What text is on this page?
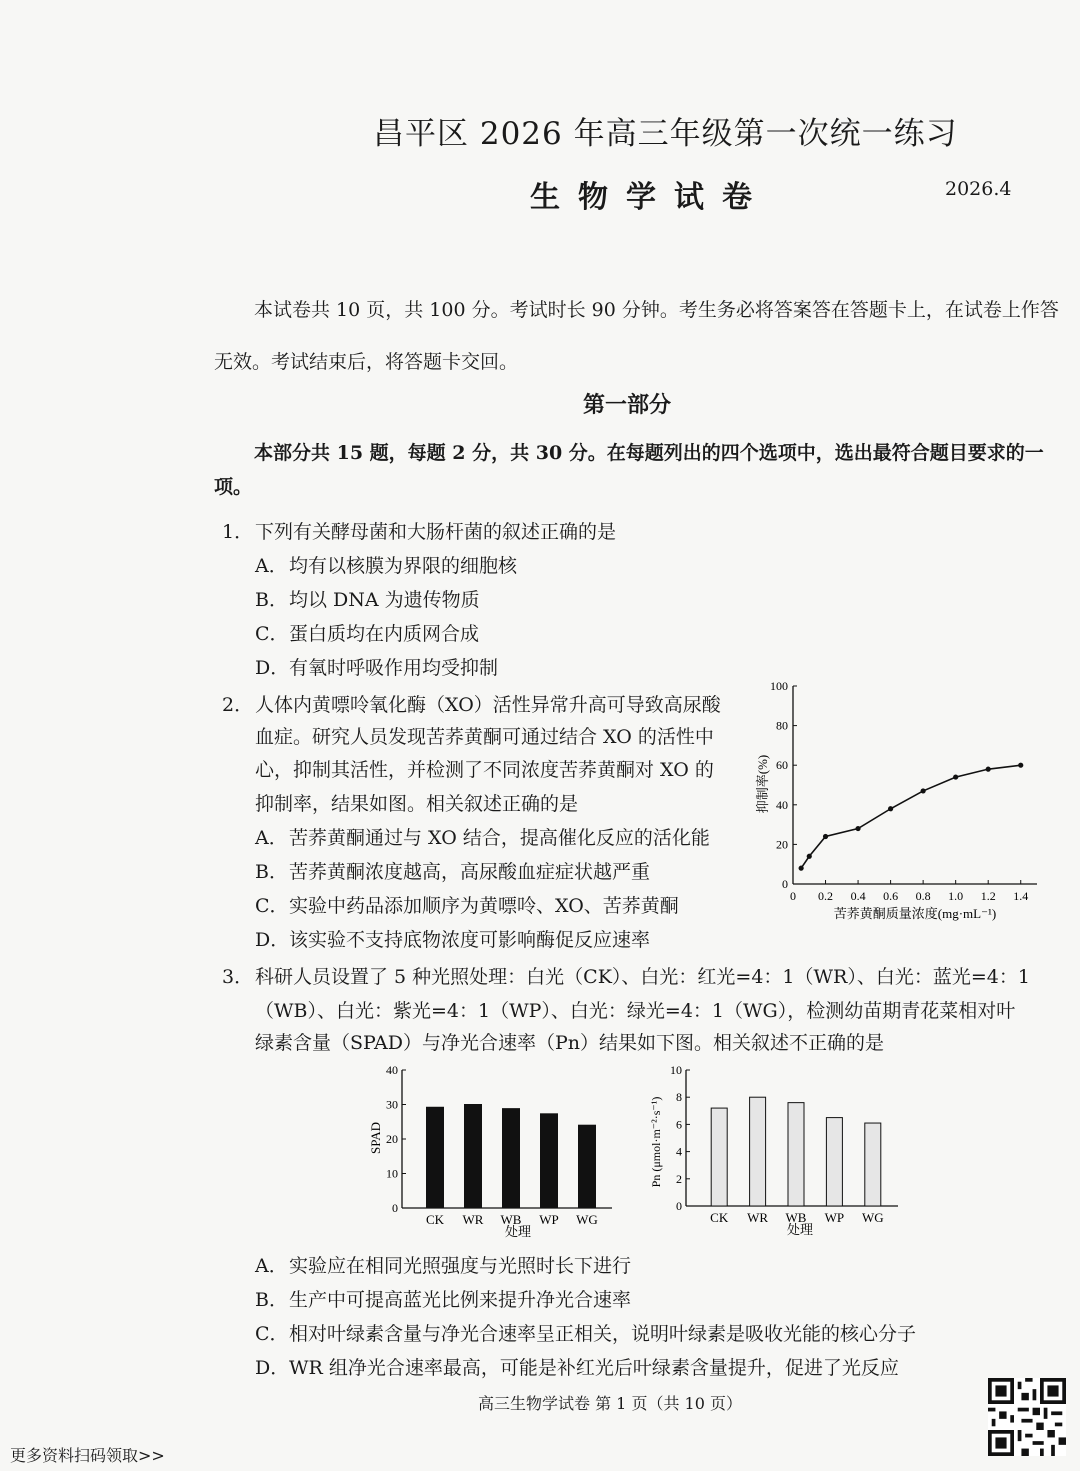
昌平区 2026 年高三年级第一次统一练习
生物学试卷	2026.4
本试卷共 10 页，共 100 分。考试时长 90 分钟。考生务必将答案答在答题卡上，在试卷上作答无效。考试结束后，将答题卡交回。
第一部分
本部分共 15 题，每题 2 分，共 30 分。在每题列出的四个选项中，选出最符合题目要求的一项。
1． 下列有关酵母菌和大肠杆菌的叙述正确的是
A． 均有以核膜为界限的细胞核
B． 均以 DNA 为遗传物质
C． 蛋白质均在内质网合成
D． 有氧时呼吸作用均受抑制
2． 人体内黄嘌呤氧化酶（XO）活性异常升高可导致高尿酸
血症。研究人员发现苦荞黄酮可通过结合 XO 的活性中
心，抑制其活性，并检测了不同浓度苦荞黄酮对 XO 的
抑制率，结果如图。相关叙述正确的是
A． 苦荞黄酮通过与 XO 结合，提高催化反应的活化能
B． 苦荞黄酮浓度越高，高尿酸血症症状越严重
C． 实验中药品添加顺序为黄嘌呤、XO、苦荞黄酮
D． 该实验不支持底物浓度可影响酶促反应速率
0
20
40
60
80
100
0 0.2 0.4 0.6 0.8 1.0 1.2 1.4
抑制率(%)
苦荞黄酮质量浓度(mg·mL⁻¹)
3． 科研人员设置了 5 种光照处理：白光（CK）、白光：红光=4：1（WR）、白光：蓝光=4：1
（WB）、白光：紫光=4：1（WP）、白光：绿光=4：1（WG），检测幼苗期青花菜相对叶
绿素含量（SPAD）与净光合速率（Pn）结果如下图。相关叙述不正确的是
0
10
20
30
40
CK WR WB WP WG
SPAD
处理
0
2
4
6
8
10
CK WR WB WP WG
Pn (μmol·m⁻²·s⁻¹)
处理
A． 实验应在相同光照强度与光照时长下进行
B． 生产中可提高蓝光比例来提升净光合速率
C． 相对叶绿素含量与净光合速率呈正相关，说明叶绿素是吸收光能的核心分子
D． WR 组净光合速率最高，可能是补红光后叶绿素含量提升，促进了光反应
高三生物学试卷 第 1 页（共 10 页）
更多资料扫码领取>>
